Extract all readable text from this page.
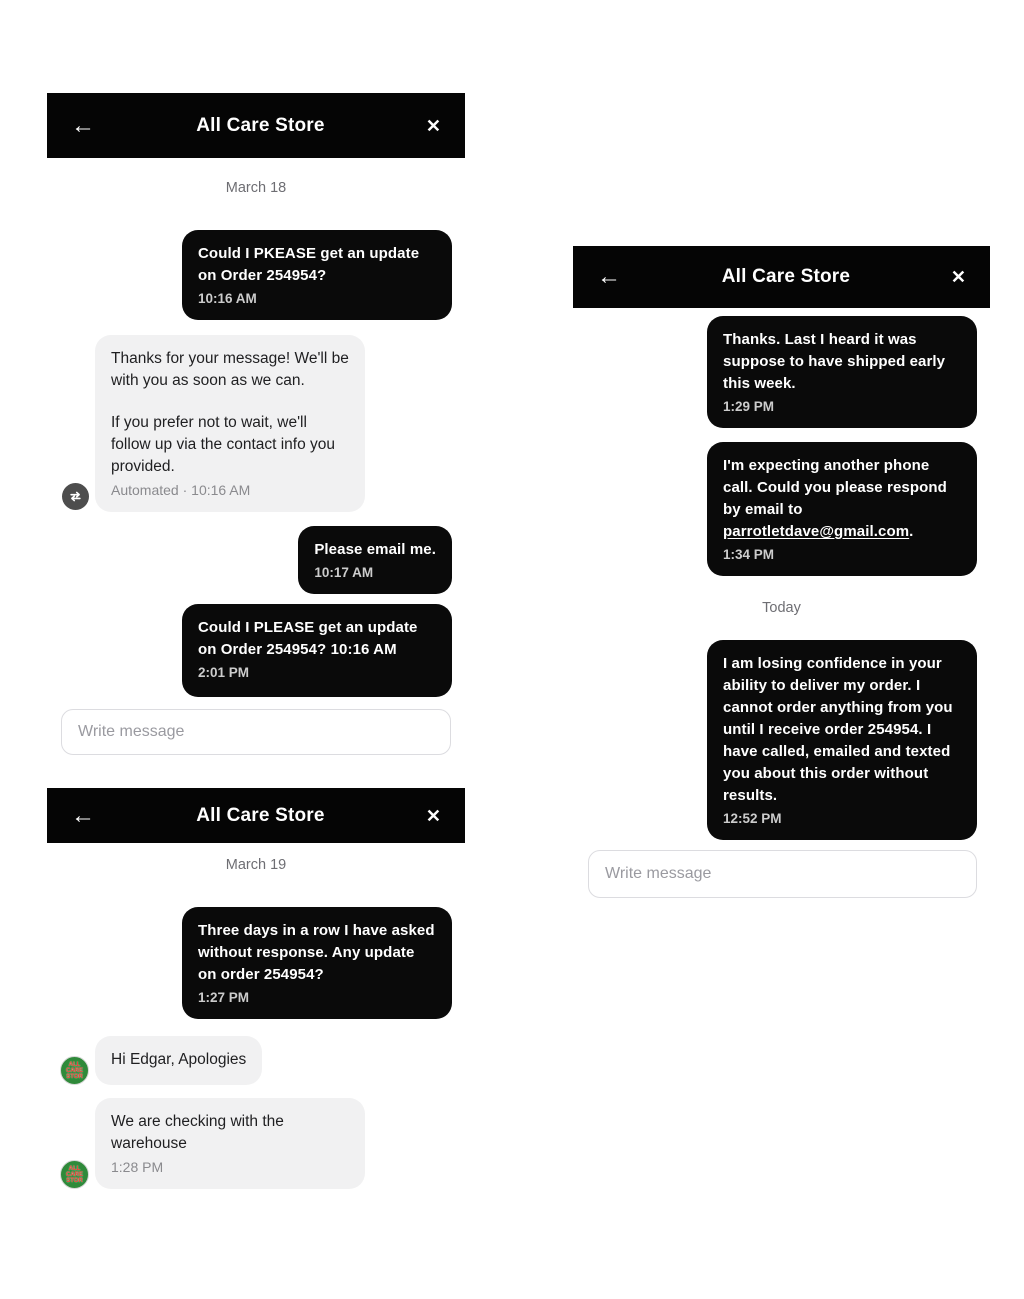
←	All Care Store	✕
March 18
Could I PKEASE get an update on Order 254954?
10:16 AM
Thanks for your message! We'll be with you as soon as we can.
If you prefer not to wait, we'll follow up via the contact info you provided.
Automated · 10:16 AM
Please email me.
10:17 AM
Could I PLEASE get an update on Order 254954? 10:16 AM
2:01 PM
Write message
←	All Care Store	✕
March 19
Three days in a row I have asked without response. Any update on order 254954?
1:27 PM
ALL
CARE
STOR
Hi Edgar, Apologies
ALL
CARE
STOR
We are checking with the warehouse
1:28 PM
←	All Care Store	✕
Thanks. Last I heard it was suppose to have shipped early this week.
1:29 PM
I'm expecting another phone call. Could you please respond by email to parrotletdave@gmail.com.
1:34 PM
Today
I am losing confidence in your ability to deliver my order. I cannot order anything from you until I receive order 254954. I have called, emailed and texted you about this order without results.
12:52 PM
Write message
